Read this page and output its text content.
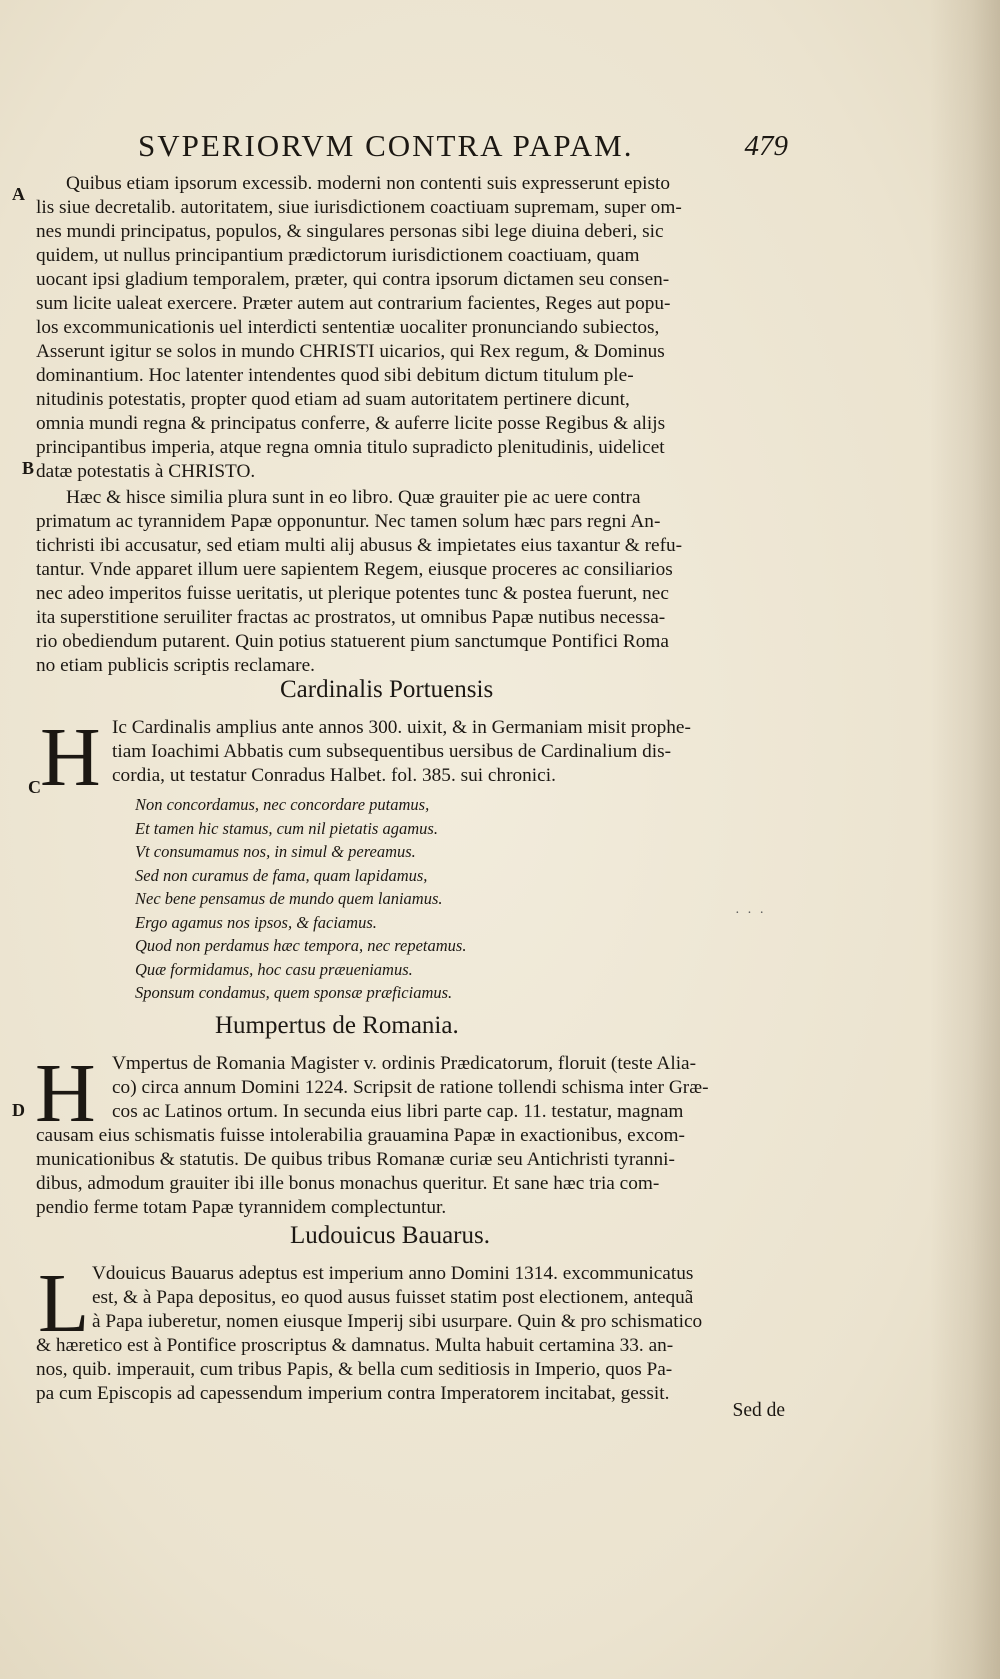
SVPERIORVM CONTRA PAPAM.	479
A
B
C
D
Quibus etiam ipsorum excessib. moderni non contenti suis expresserunt episto
lis siue decretalib. autoritatem, siue iurisdictionem coactiuam supremam, super om-
nes mundi principatus, populos, & singulares personas sibi lege diuina deberi, sic
quidem, ut nullus principantium prædictorum iurisdictionem coactiuam, quam
uocant ipsi gladium temporalem, præter, qui contra ipsorum dictamen seu consen-
sum licite ualeat exercere. Præter autem aut contrarium facientes, Reges aut popu-
los excommunicationis uel interdicti sententiæ uocaliter pronunciando subiectos,
Asserunt igitur se solos in mundo CHRISTI uicarios, qui Rex regum, & Dominus
dominantium. Hoc latenter intendentes quod sibi debitum dictum titulum ple-
nitudinis potestatis, propter quod etiam ad suam autoritatem pertinere dicunt,
omnia mundi regna & principatus conferre, & auferre licite posse Regibus & alijs
principantibus imperia, atque regna omnia titulo supradicto plenitudinis, uidelicet
datæ potestatis à CHRISTO.
Hæc & hisce similia plura sunt in eo libro. Quæ grauiter pie ac uere contra
primatum ac tyrannidem Papæ opponuntur. Nec tamen solum hæc pars regni An-
tichristi ibi accusatur, sed etiam multi alij abusus & impietates eius taxantur & refu-
tantur. Vnde apparet illum uere sapientem Regem, eiusque proceres ac consiliarios
nec adeo imperitos fuisse ueritatis, ut plerique potentes tunc & postea fuerunt, nec
ita superstitione seruiliter fractas ac prostratos, ut omnibus Papæ nutibus necessa-
rio obediendum putarent. Quin potius statuerent pium sanctumque Pontifici Roma
no etiam publicis scriptis reclamare.
Cardinalis Portuensis
H Ic Cardinalis amplius ante annos 300. uixit, & in Germaniam misit prophe-
tiam Ioachimi Abbatis cum subsequentibus uersibus de Cardinalium dis-
cordia, ut testatur Conradus Halbet. fol. 385. sui chronici.
Non concordamus, nec concordare putamus,
Et tamen hic stamus, cum nil pietatis agamus.
Vt consumamus nos, in simul & pereamus.
Sed non curamus de fama, quam lapidamus,
Nec bene pensamus de mundo quem laniamus.
Ergo agamus nos ipsos, & faciamus.
Quod non perdamus hæc tempora, nec repetamus.
Quæ formidamus, hoc casu præueniamus.
Sponsum condamus, quem sponsæ præficiamus.
· · ·
Humpertus de Romania.
H Vmpertus de Romania Magister v. ordinis Prædicatorum, floruit (teste Alia-
co) circa annum Domini 1224. Scripsit de ratione tollendi schisma inter Græ-
cos ac Latinos ortum. In secunda eius libri parte cap. 11. testatur, magnam
causam eius schismatis fuisse intolerabilia grauamina Papæ in exactionibus, excom-
municationibus & statutis. De quibus tribus Romanæ curiæ seu Antichristi tyranni-
dibus, admodum grauiter ibi ille bonus monachus queritur. Et sane hæc tria com-
pendio ferme totam Papæ tyrannidem complectuntur.
Ludouicus Bauarus.
L Vdouicus Bauarus adeptus est imperium anno Domini 1314. excommunicatus
est, & à Papa depositus, eo quod ausus fuisset statim post electionem, antequã
à Papa iuberetur, nomen eiusque Imperij sibi usurpare. Quin & pro schismatico
& hæretico est à Pontifice proscriptus & damnatus. Multa habuit certamina 33. an-
nos, quib. imperauit, cum tribus Papis, & bella cum seditiosis in Imperio, quos Pa-
pa cum Episcopis ad capessendum imperium contra Imperatorem incitabat, gessit.
Sed de
